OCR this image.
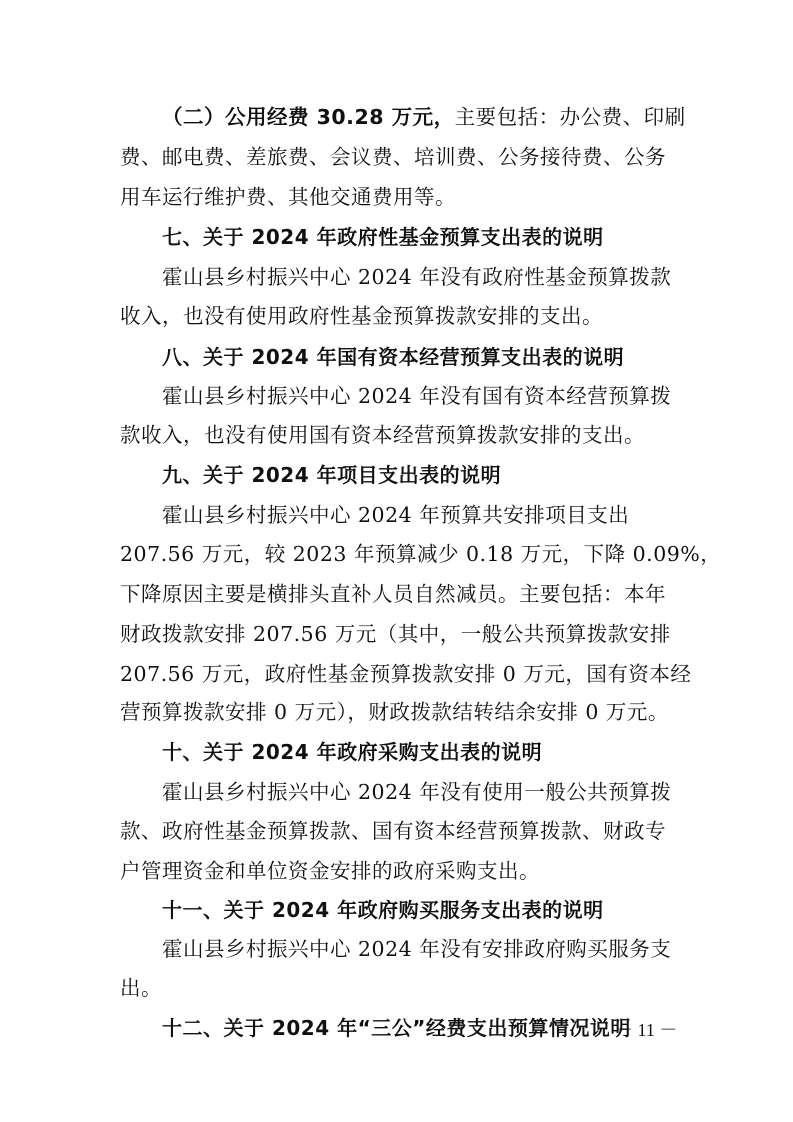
（二）公用经费 30.28 万元，主要包括：办公费、印刷
费、邮电费、差旅费、会议费、培训费、公务接待费、公务
用车运行维护费、其他交通费用等。
七、关于 2024 年政府性基金预算支出表的说明
霍山县乡村振兴中心 2024 年没有政府性基金预算拨款
收入，也没有使用政府性基金预算拨款安排的支出。
八、关于 2024 年国有资本经营预算支出表的说明
霍山县乡村振兴中心 2024 年没有国有资本经营预算拨
款收入，也没有使用国有资本经营预算拨款安排的支出。
九、关于 2024 年项目支出表的说明
霍山县乡村振兴中心 2024 年预算共安排项目支出
207.56 万元，较 2023 年预算减少 0.18 万元，下降 0.09%，
下降原因主要是横排头直补人员自然减员。主要包括：本年
财政拨款安排 207.56 万元（其中，一般公共预算拨款安排
207.56 万元，政府性基金预算拨款安排 0 万元，国有资本经
营预算拨款安排 0 万元），财政拨款结转结余安排 0 万元。
十、关于 2024 年政府采购支出表的说明
霍山县乡村振兴中心 2024 年没有使用一般公共预算拨
款、政府性基金预算拨款、国有资本经营预算拨款、财政专
户管理资金和单位资金安排的政府采购支出。
十一、关于 2024 年政府购买服务支出表的说明
霍山县乡村振兴中心 2024 年没有安排政府购买服务支
出。
十二、关于 2024 年“三公”经费支出预算情况说明
－ 11 －
